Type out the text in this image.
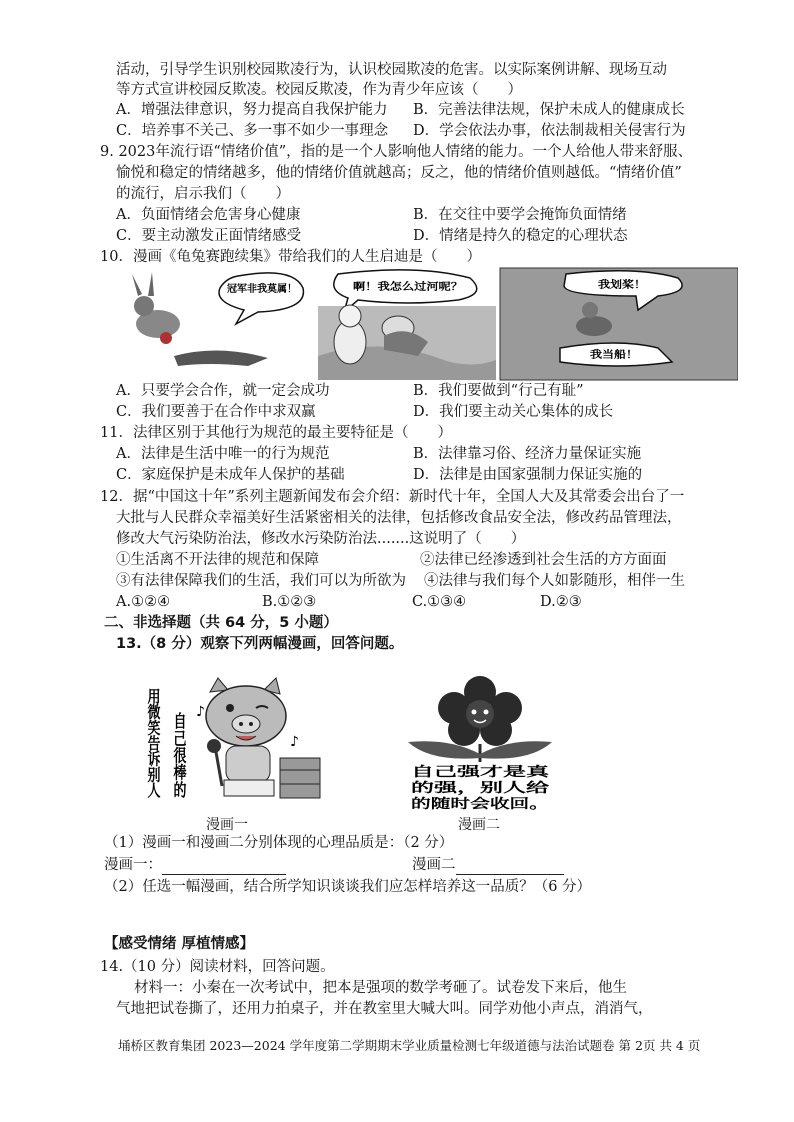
活动，引导学生识别校园欺凌行为，认识校园欺凌的危害。以实际案例讲解、现场互动
等方式宣讲校园反欺凌。校园反欺凌，作为青少年应该（　　）
A．增强法律意识，努力提高自我保护能力 B．完善法律法规，保护未成人的健康成长
C．培养事不关己、多一事不如少一事理念 D．学会依法办事，依法制裁相关侵害行为
9. 2023年流行语“情绪价值”，指的是一个人影响他人情绪的能力。一个人给他人带来舒服、
愉悦和稳定的情绪越多，他的情绪价值就越高；反之，他的情绪价值则越低。“情绪价值”
的流行，启示我们（　　）
A．负面情绪会危害身心健康	B．在交往中要学会掩饰负面情绪
C．要主动激发正面情绪感受	D．情绪是持久的稳定的心理状态
10．漫画《龟兔赛跑续集》带给我们的人生启迪是（　　）
冠军非我莫属！	啊！我怎么过河呢？	我划桨！
我当船！
A．只要学会合作，就一定会成功	B．我们要做到“行己有耻”
C．我们要善于在合作中求双赢	D．我们要主动关心集体的成长
11．法律区别于其他行为规范的最主要特征是（　　）
A．法律是生活中唯一的行为规范	B．法律靠习俗、经济力量保证实施
C．家庭保护是未成年人保护的基础	D．法律是由国家强制力保证实施的
12．据“中国这十年”系列主题新闻发布会介绍：新时代十年，全国人大及其常委会出台了一
大批与人民群众幸福美好生活紧密相关的法律，包括修改食品安全法，修改药品管理法，
修改大气污染防治法，修改水污染防治法.......这说明了（　　）
①生活离不开法律的规范和保障	②法律已经渗透到社会生活的方方面面
③有法律保障我们的生活，我们可以为所欲为 ④法律与我们每个人如影随形，相伴一生
A.①②④	B.①②③	C.①③④	D.②③
二、非选择题（共 64 分，5 小题）
13.（8 分）观察下列两幅漫画，回答问题。
用微笑告诉别人 自己很棒的 ♪
♪
自己强才是真
的强，别人给
的随时会收回。
漫画一	漫画二
（1）漫画一和漫画二分别体现的心理品质是：（2 分）
漫画一：	漫画二
（2）任选一幅漫画，结合所学知识谈谈我们应怎样培养这一品质？（6 分）
【感受情绪 厚植情感】
14.（10 分）阅读材料，回答问题。
材料一：小秦在一次考试中，把本是强项的数学考砸了。试卷发下来后，他生
气地把试卷撕了，还用力拍桌子，并在教室里大喊大叫。同学劝他小声点，消消气，
埇桥区教育集团 2023—2024 学年度第二学期期末学业质量检测七年级道德与法治试题卷 第 2页 共 4 页
